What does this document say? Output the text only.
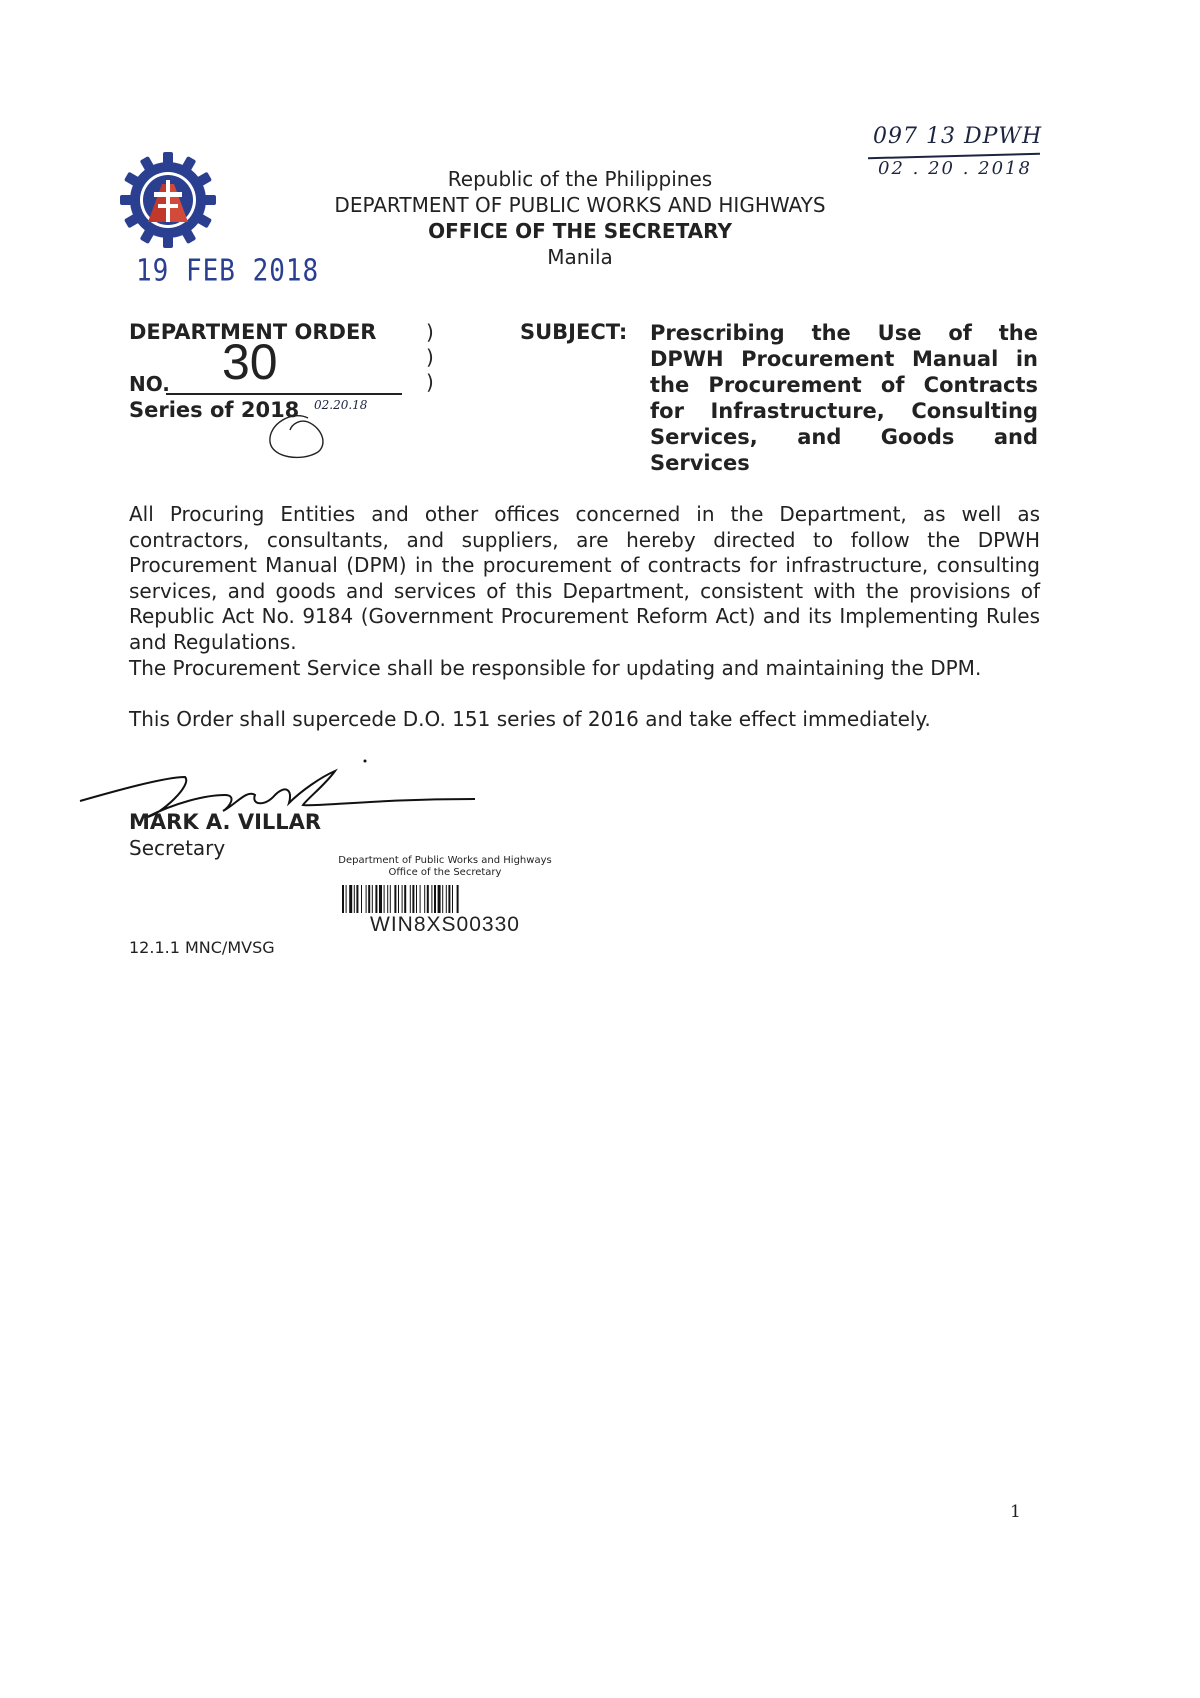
097 13 DPWH
02 . 20 . 2018
19 FEB 2018
Republic of the Philippines
DEPARTMENT OF PUBLIC WORKS AND HIGHWAYS
OFFICE OF THE SECRETARY
Manila
DEPARTMENT ORDER )
)
)
NO. 30
Series of 2018 02.20.18
SUBJECT: Prescribing the Use of the DPWH Procurement Manual in the Procurement of Contracts for Infrastructure, Consulting Services, and Goods and Services
All Procuring Entities and other offices concerned in the Department, as well as contractors, consultants, and suppliers, are hereby directed to follow the DPWH Procurement Manual (DPM) in the procurement of contracts for infrastructure, consulting services, and goods and services of this Department, consistent with the provisions of Republic Act No. 9184 (Government Procurement Reform Act) and its Implementing Rules and Regulations.
The Procurement Service shall be responsible for updating and maintaining the DPM.
This Order shall supercede D.O. 151 series of 2016 and take effect immediately.
MARK A. VILLAR
Secretary
Department of Public Works and Highways
Office of the Secretary
WIN8XS00330
12.1.1 MNC/MVSG
1
